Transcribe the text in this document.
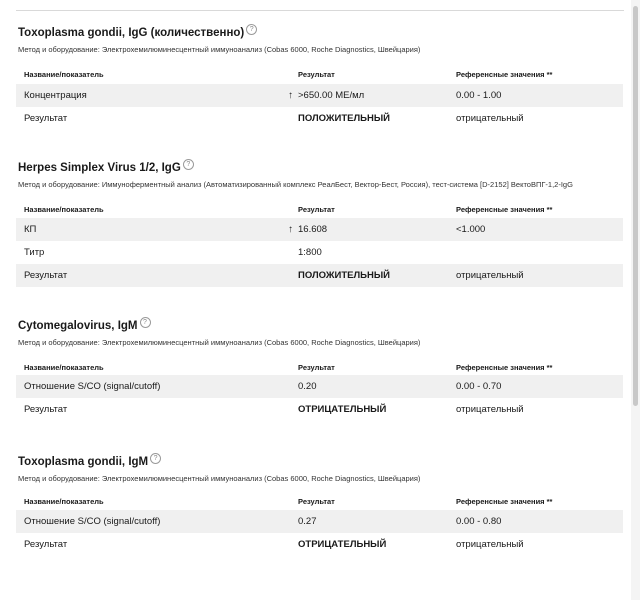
Toxoplasma gondii, IgG (количественно) ?
Метод и оборудование: Электрохемилюминесцентный иммуноанализ (Cobas 6000, Roche Diagnostics, Швейцария)
Название/показатель	Результат	Референсные значения **
Концентрация	↑ >650.00 МЕ/мл	0.00 - 1.00
Результат	ПОЛОЖИТЕЛЬНЫЙ	отрицательный
Herpes Simplex Virus 1/2, IgG ?
Метод и оборудование: Иммуноферментный анализ (Автоматизированный комплекс РеалБест, Вектор-Бест, Россия), тест-система [D-2152] ВектоВПГ-1,2-IgG
Название/показатель	Результат	Референсные значения **
КП	↑ 16.608	<1.000
Титр	1:800
Результат	ПОЛОЖИТЕЛЬНЫЙ	отрицательный
Cytomegalovirus, IgM ?
Метод и оборудование: Электрохемилюминесцентный иммуноанализ (Cobas 6000, Roche Diagnostics, Швейцария)
Название/показатель	Результат	Референсные значения **
Отношение S/CO (signal/cutoff)	0.20	0.00 - 0.70
Результат	ОТРИЦАТЕЛЬНЫЙ	отрицательный
Toxoplasma gondii, IgM ?
Метод и оборудование: Электрохемилюминесцентный иммуноанализ (Cobas 6000, Roche Diagnostics, Швейцария)
Название/показатель	Результат	Референсные значения **
Отношение S/CO (signal/cutoff)	0.27	0.00 - 0.80
Результат	ОТРИЦАТЕЛЬНЫЙ	отрицательный
